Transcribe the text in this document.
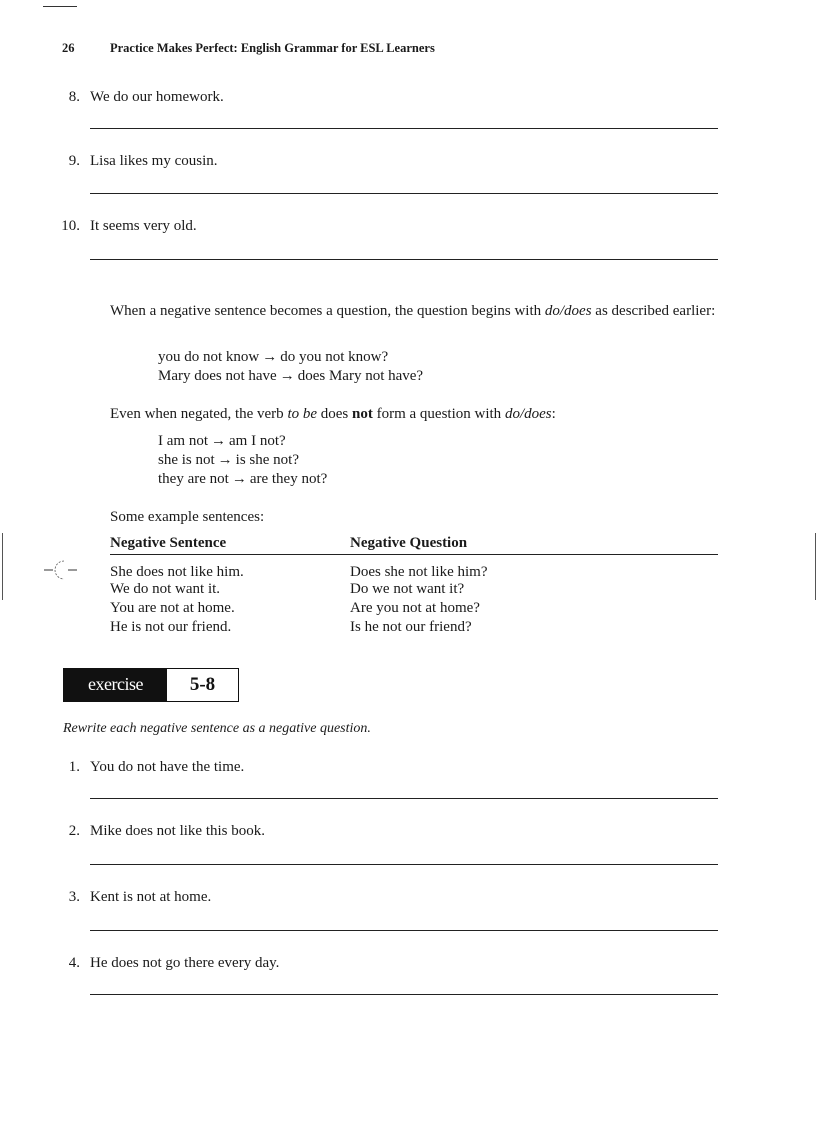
26	Practice Makes Perfect: English Grammar for ESL Learners
8. We do our homework.
9. Lisa likes my cousin.
10. It seems very old.

When a negative sentence becomes a question, the question begins with do/does as described earlier:

you do not know → do you not know?
Mary does not have → does Mary not have?

Even when negated, the verb to be does not form a question with do/does:

I am not → am I not?
she is not → is she not?
they are not → are they not?

Some example sentences:

Negative Sentence	Negative Question
She does not like him.	Does she not like him?
We do not want it.	Do we not want it?
You are not at home.	Are you not at home?
He is not our friend.	Is he not our friend?
exercise	5-8
Rewrite each negative sentence as a negative question.
1. You do not have the time.
2. Mike does not like this book.
3. Kent is not at home.
4. He does not go there every day.
